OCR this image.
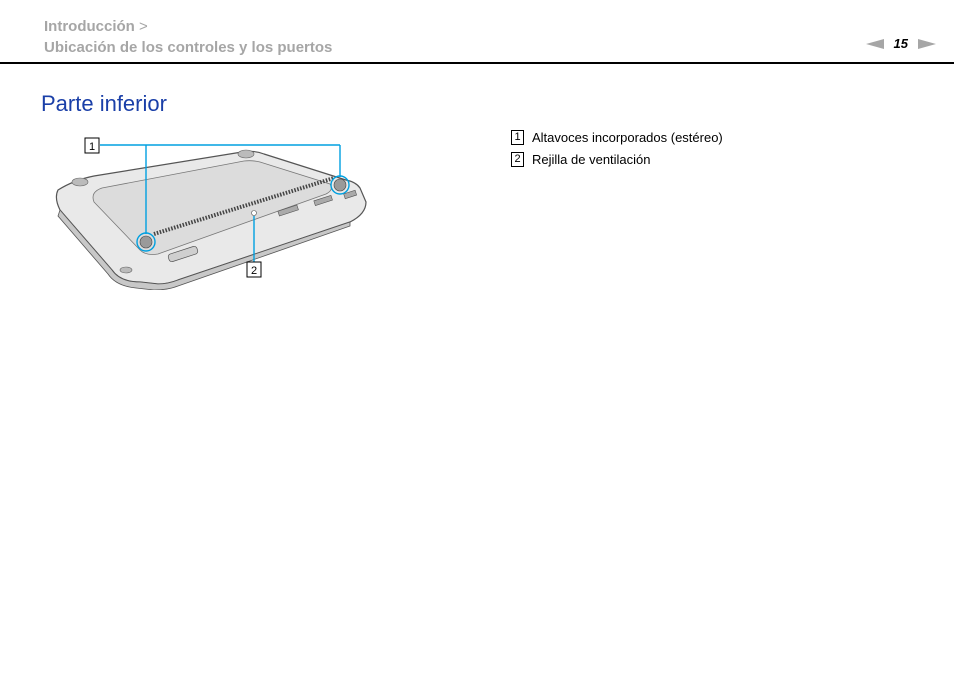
Introducción >
Ubicación de los controles y los puertos	15
Parte inferior
1
2
1 Altavoces incorporados (estéreo)
2 Rejilla de ventilación
